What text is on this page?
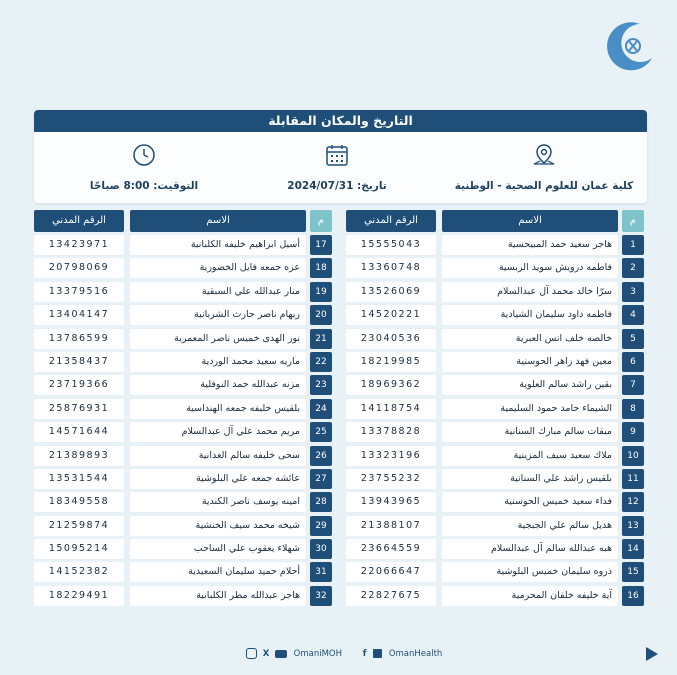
التاريخ والمكان المقابلة
كلية عمان للعلوم الصحية - الوطنية
تاريخ: 2024/07/31
التوقيت: 8:00 صباحًا
الرقم المدني	الاسم	م
15555043	هاجر سعيد حمد المبيحسية	1
13360748	فاطمه درويش سويد الربسية	2
13526069	سرّا خالد محمد آل عبدالسلام	3
14520221	فاطمه داود سليمان الشيادية	4
23040536	خالصه خلف انس العبرية	5
18219985	معين فهد زاهر الحوسنية	6
18969362	بقين راشد سالم العلوية	7
14118754	الشيماء حامد حمود السليمية	8
13378828	مبقات سالم مبارك السنانية	9
13323196	ملاك سعيد سيف المزينية	10
23755232	بلقيس راشد علي السنانية	11
13943965	فداء سعيد خميس الحوسنية	12
21388107	هديل سالم علي الجبجية	13
23664559	هبه عبدالله سالم آل عبدالسلام	14
22066647	ذروه سليمان خميس البلوشية	15
22827675	آية خليفه خلفان المحرمية	16
الرقم المدني	الاسم	م
13423971	أسيل ابراهيم خليفه الكلبانية	17
20798069	عزه جمعه فايل الخضورية	18
13379516	منار عبدالله علي السبقية	19
13404147	ريهام ناصر حارث الشربانية	20
13786599	نور الهدى خميس ناصر المعمرية	21
21358437	ماريه سعيد محمد الوردية	22
23719366	مزنه عبدالله حمد النوفلية	23
25876931	بلقيس خليفه جمعه الهنداسية	24
14571644	مريم محمد علي آل عبدالسلام	25
21389893	سحى خليفه سالم الغدانية	26
13531544	عائشه جمعه علي البلوشية	27
18349558	امينه يوسف ناصر الكندية	28
21259874	شيخه محمد سيف الخنشية	29
15095214	شهلاء يعقوب علي الساحب	30
14152382	أحلام حميد سليمان السعيدية	31
18229491	هاجر عبدالله مطر الكلبانية	32
X	OmaniMOH f	OmanHealth
